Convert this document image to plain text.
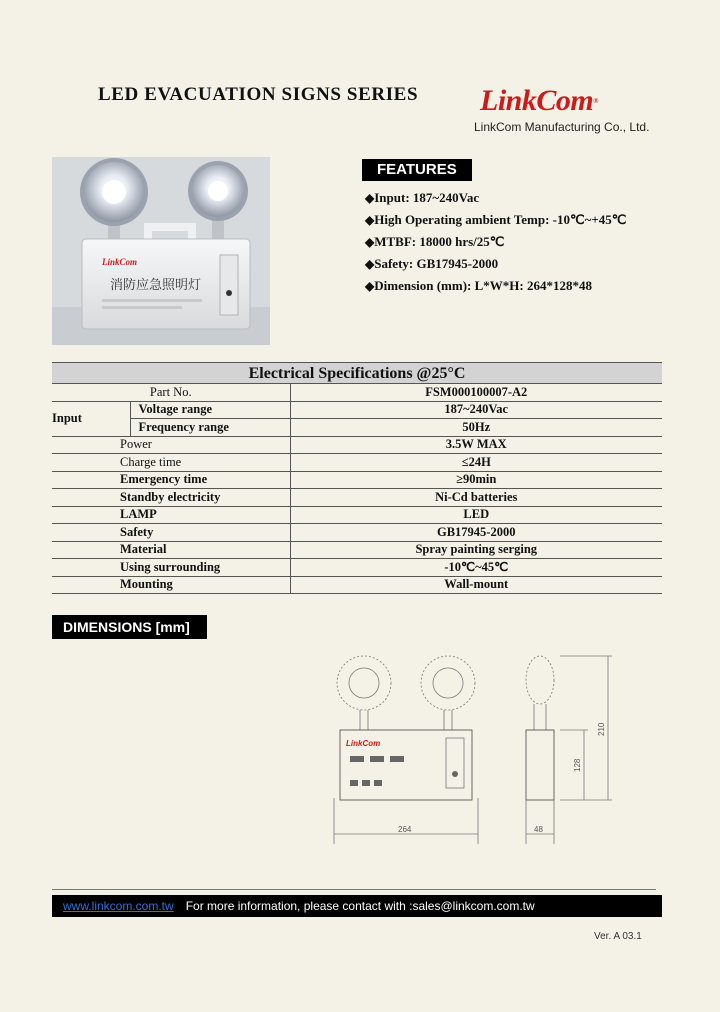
LED EVACUATION SIGNS SERIES LinkCom®
LinkCom Manufacturing Co., Ltd.
LinkCom
消防应急照明灯
FEATURES
◆Input: 187~240Vac
◆High Operating ambient Temp: -10℃~+45℃
◆MTBF: 18000 hrs/25℃
◆Safety: GB17945-2000
◆Dimension (mm): L*W*H: 264*128*48
Electrical Specifications @25°C		
Part No.		FSM000100007-A2
Input	Voltage range	187~240Vac
	Frequency range	50Hz
Power		3.5W MAX
Charge time		≤24H
Emergency time		≥90min
Standby electricity		Ni-Cd batteries
LAMP		LED
Safety		GB17945-2000
Material		Spray painting serging
Using surrounding		-10℃~45℃
Mounting		Wall-mount
DIMENSIONS [mm]
LinkCom
264	48
128
210
www.linkcom.com.tw For more information, please contact with :sales@linkcom.com.tw
Ver. A 03.1
